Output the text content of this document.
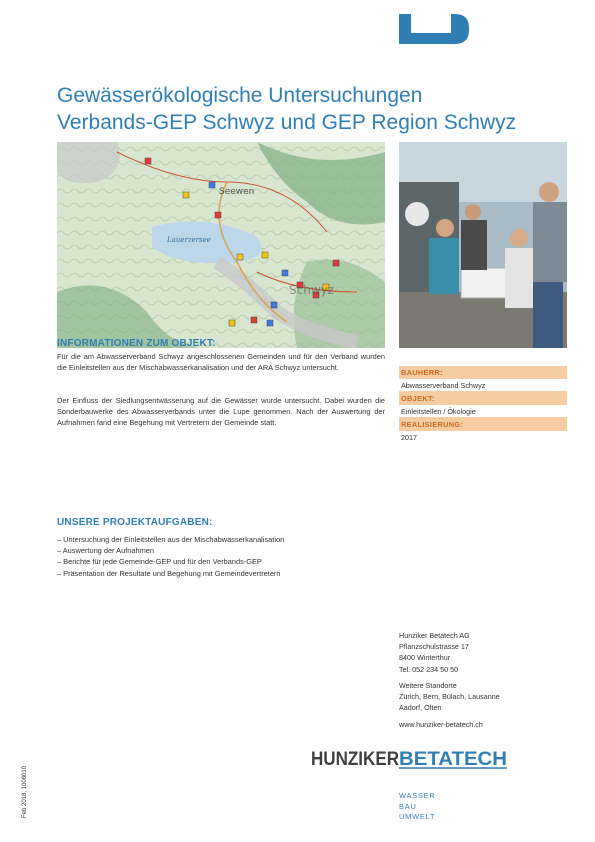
Gewässerökologische Untersuchungen
Verbands-GEP Schwyz und GEP Region Schwyz
Seewen
Lauerzersee
Schwyz
INFORMATIONEN ZUM OBJEKT:

Für die am Abwasserverband Schwyz angeschlossenen Gemeinden und für den Verband wurden die Einleitstellen aus der Mischabwasserkanalisation und der ARA Schwyz untersucht.

Der Einfluss der Siedlungsentwässerung auf die Gewässer wurde untersucht. Dabei wurden die Sonderbauwerke des Abwasserverbands unter die Lupe genommen. Nach der Auswertung der Aufnahmen fand eine Begehung mit Vertretern der Gemeinde statt.

UNSERE PROJEKTAUFGABEN:
– Untersuchung der Einleitstellen aus der Mischabwasserkanalisation
– Auswertung der Aufnahmen
– Berichte für jede Gemeinde-GEP und für den Verbands-GEP
– Präsentation der Resultate und Begehung mit Gemeindevertretern
BAUHERR:
Abwasserverband Schwyz
OBJEKT:
Einleitstellen / Ökologie
REALISIERUNG:
2017

Hunziker Betatech AG

Pflanzschulstrasse 17

8400 Winterthur

Tel. 052 234 50 50

Weitere Standorte

Zürich, Bern, Bülach, Lausanne

Aadorf, Olten

www.hunziker-betatech.ch

HUNZIKER BETATECH
WASSER
BAU
UMWELT
Feb 2018, 1008010
